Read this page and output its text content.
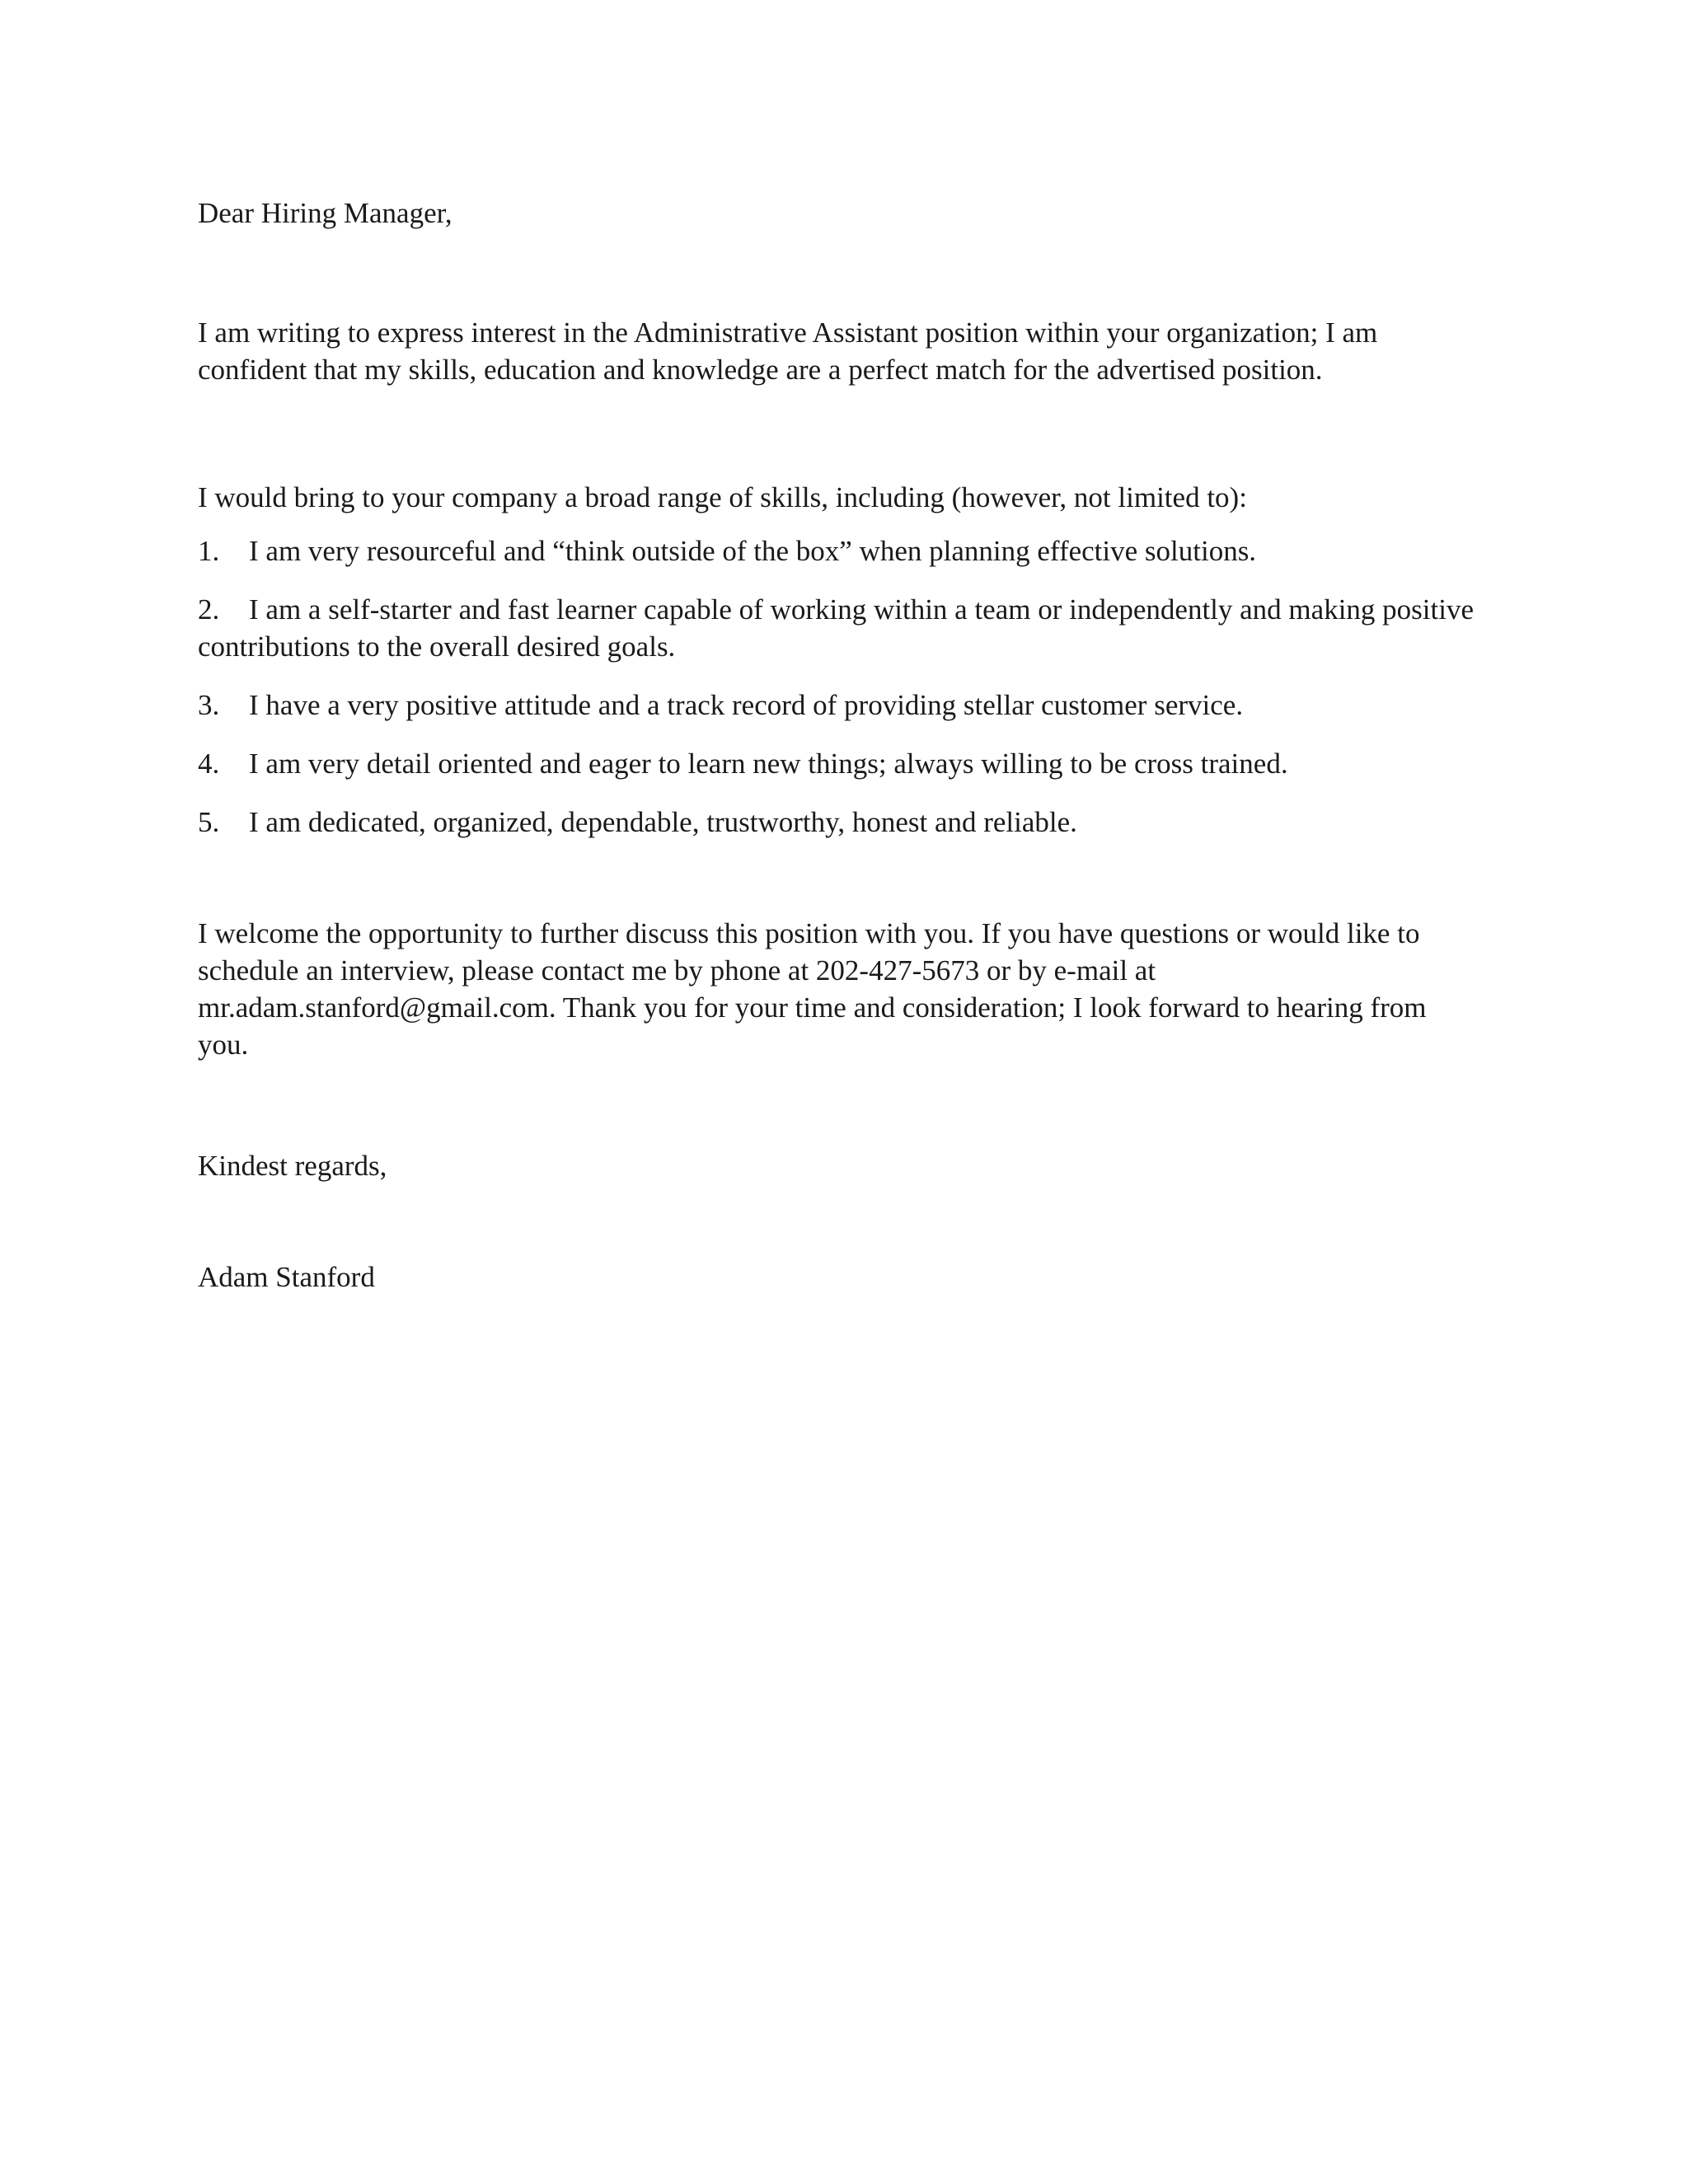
Dear Hiring Manager,

I am writing to express interest in the Administrative Assistant position within your organization; I am confident that my skills, education and knowledge are a perfect match for the advertised position.

I would bring to your company a broad range of skills, including (however, not limited to):

1. I am very resourceful and “think outside of the box” when planning effective solutions.
2. I am a self-starter and fast learner capable of working within a team or independently and making positive contributions to the overall desired goals.
3. I have a very positive attitude and a track record of providing stellar customer service.
4. I am very detail oriented and eager to learn new things; always willing to be cross trained.
5. I am dedicated, organized, dependable, trustworthy, honest and reliable.

I welcome the opportunity to further discuss this position with you. If you have questions or would like to schedule an interview, please contact me by phone at 202-427-5673 or by e-mail at mr.adam.stanford@gmail.com. Thank you for your time and consideration; I look forward to hearing from you.

Kindest regards,

Adam Stanford
